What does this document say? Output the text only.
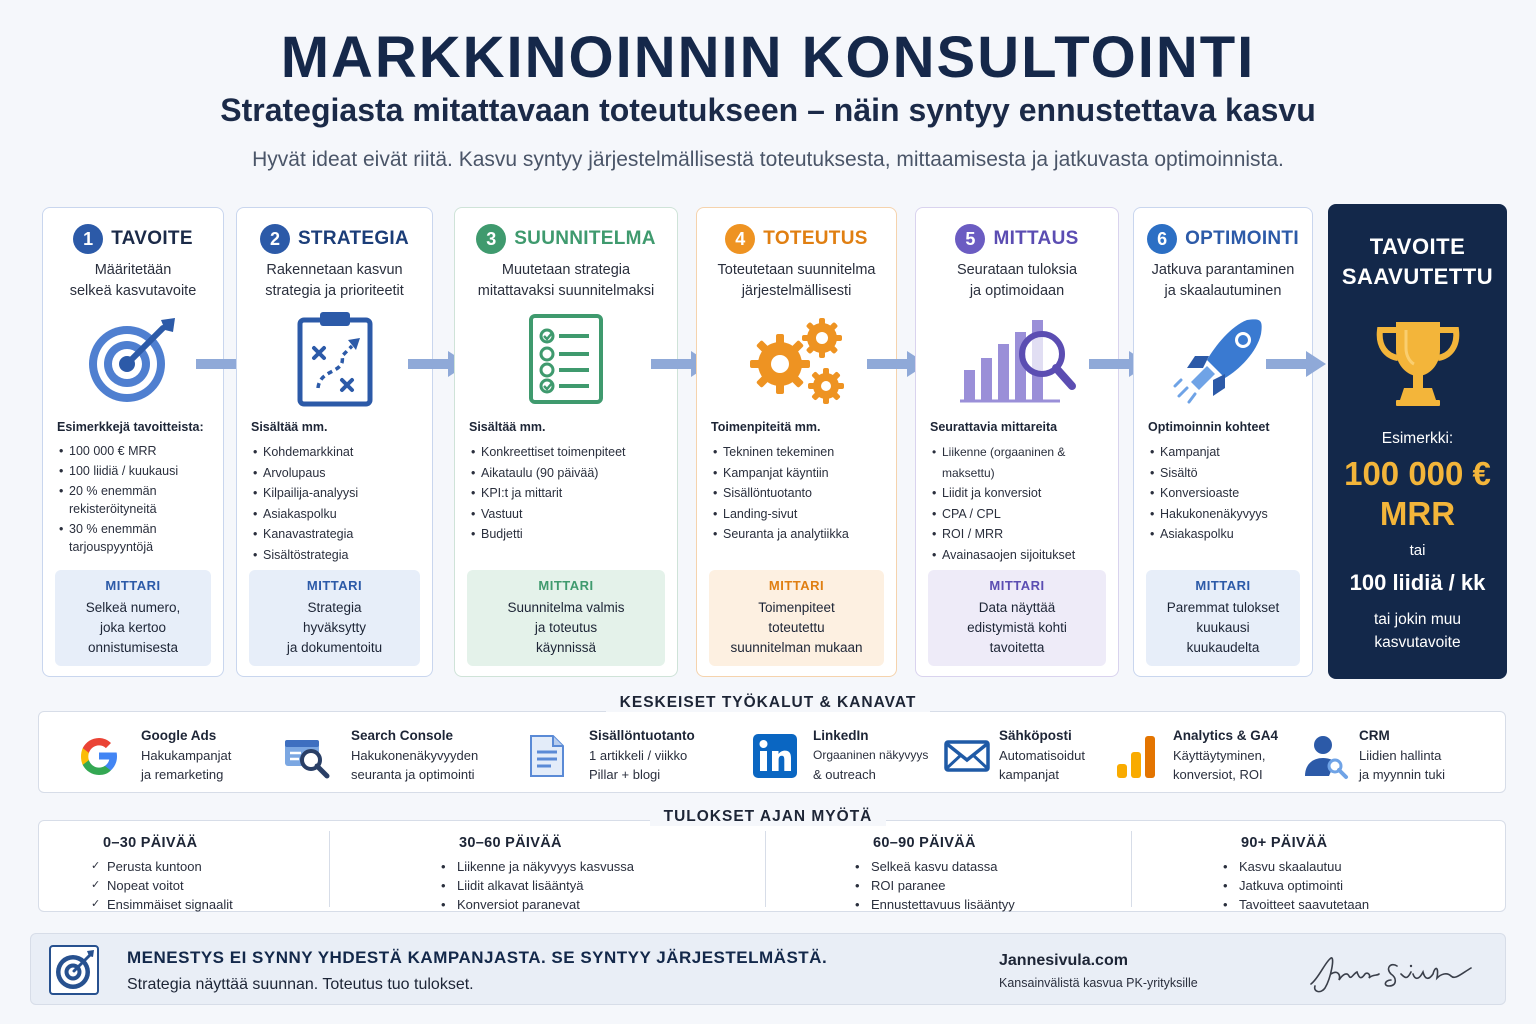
MARKKINOINNIN KONSULTOINTI
Strategiasta mitattavaan toteutukseen – näin syntyy ennustettava kasvu
Hyvät ideat eivät riitä. Kasvu syntyy järjestelmällisestä toteutuksesta, mittaamisesta ja jatkuvasta optimoinnista.
1 TAVOITE
Määritetään
selkeä kasvutavoite
Esimerkkejä tavoitteista:
• 100 000 € MRR
• 100 liidiä / kuukausi
• 20 % enemmän rekisteröityneitä
• 30 % enemmän tarjouspyyntöjä
MITTARI
Selkeä numero,
joka kertoo
onnistumisesta
2 STRATEGIA
Rakennetaan kasvun
strategia ja prioriteetit
Sisältää mm.
• Kohdemarkkinat
• Arvolupaus
• Kilpailija-analyysi
• Asiakaspolku
• Kanavastrategia
• Sisältöstrategia
MITTARI
Strategia
hyväksytty
ja dokumentoitu
3 SUUNNITELMA
Muutetaan strategia
mitattavaksi suunnitelmaksi
Sisältää mm.
• Konkreettiset toimenpiteet
• Aikataulu (90 päivää)
• KPI:t ja mittarit
• Vastuut
• Budjetti
MITTARI
Suunnitelma valmis
ja toteutus
käynnissä
4 TOTEUTUS
Toteutetaan suunnitelma
järjestelmällisesti
Toimenpiteitä mm.
• Tekninen tekeminen
• Kampanjat käyntiin
• Sisällöntuotanto
• Landing-sivut
• Seuranta ja analytiikka
MITTARI
Toimenpiteet
toteutettu
suunnitelman mukaan
5 MITTAUS
Seurataan tuloksia
ja optimoidaan
Seurattavia mittareita
• Liikenne (orgaaninen & maksettu)
• Liidit ja konversiot
• CPA / CPL
• ROI / MRR
• Avainasaojen sijoitukset
MITTARI
Data näyttää
edistymistä kohti
tavoitetta
6 OPTIMOINTI
Jatkuva parantaminen
ja skaalautuminen
Optimoinnin kohteet
• Kampanjat
• Sisältö
• Konversioaste
• Hakukonenäkyvyys
• Asiakaspolku
MITTARI
Paremmat tulokset
kuukausi
kuukaudelta
TAVOITE
SAAVUTETTU
Esimerkki:
100 000 €
MRR
tai
100 liidiä / kk
tai jokin muu
kasvutavoite
Google Ads
Hakukampanjat
ja remarketing
Search Console
Hakukonenäkyvyyden
seuranta ja optimointi
Sisällöntuotanto
1 artikkeli / viikko
Pillar + blogi
LinkedIn
Orgaaninen näkyvyys
& outreach
Sähköposti
Automatisoidut
kampanjat
Analytics & GA4
Käyttäytyminen,
konversiot, ROI
CRM
Liidien hallinta
ja myynnin tuki
KESKEISET TYÖKALUT & KANAVAT
0–30 PÄIVÄÄ
✓ Perusta kuntoon
✓ Nopeat voitot
✓ Ensimmäiset signaalit
30–60 PÄIVÄÄ
• Liikenne ja näkyvyys kasvussa
• Liidit alkavat lisääntyä
• Konversiot paranevat
60–90 PÄIVÄÄ
• Selkeä kasvu datassa
• ROI paranee
• Ennustettavuus lisääntyy
90+ PÄIVÄÄ
• Kasvu skaalautuu
• Jatkuva optimointi
• Tavoitteet saavutetaan
TULOKSET AJAN MYÖTÄ
MENESTYS EI SYNNY YHDESTÄ KAMPANJASTA. SE SYNTYY JÄRJESTELMÄSTÄ.
Strategia näyttää suunnan. Toteutus tuo tulokset.
Jannesivula.com
Kansainvälistä kasvua PK-yrityksille
